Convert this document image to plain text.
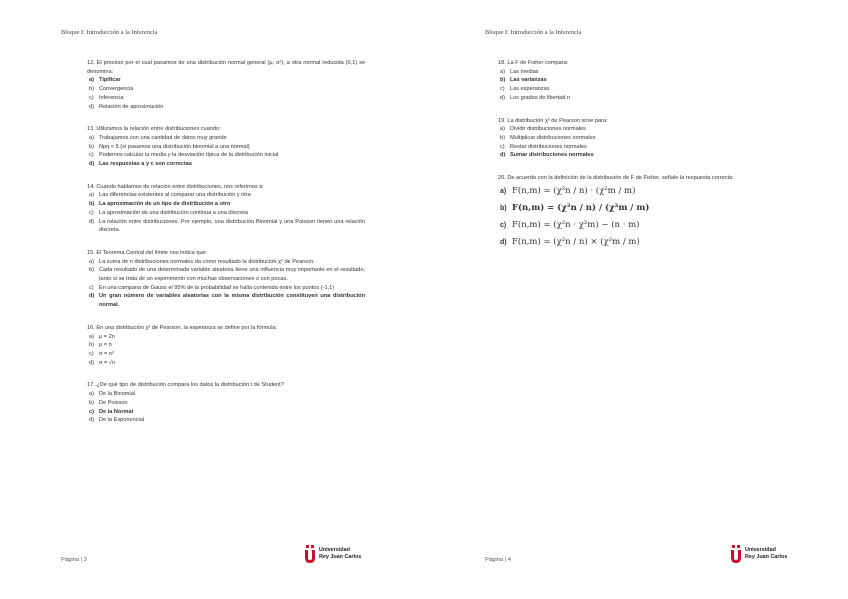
Bloque I: Introducción a la Inferencia
12. El proceso por el cual pasamos de una distribución normal general (μ, σ²), a otra normal reducida (0,1) se denomina:
a) Tipificar
b) Convergencia
c) Inferencia
d) Relación de aproximación
13. Utilizamos la relación entre distribuciones cuando:
a) Trabajamos con una cantidad de datos muy grande
b) Npq < 5 (si pasamos una distribución binomial a una normal)
c) Podemos calcular la media y la desviación típica de la distribución inicial
d) Las respuestas a y c son correctas
14. Cuando hablamos de relación entre distribuciones, nos referimos a:
a) Las diferencias existentes al comparar una distribución y otra
b) La aproximación de un tipo de distribución a otro
c) La aproximación de una distribución continua a una discreta
d) La relación entre distribuciones. Por ejemplo, una distribución Binomial y una Poisson tienen una relación discreta.
15. El Teorema Central del límite nos indica que:
a) La suma de n distribuciones normales da como resultado la distribución χ² de Pearson.
b) Cada resultado de una determinada variable aleatoria tiene una influencia muy importante en el resultado, tanto si se trata de un experimento con muchas observaciones o con pocas.
c) En una campana de Gauss el 95% de la probabilidad se halla contenida entre los puntos (-1,1)
d) Un gran número de variables aleatorias con la misma distribución constituyen una distribución normal.
16. En una distribución χ² de Pearson, la esperanza se define por la fórmula:
a) μ = 2n
b) μ = n
c) σ = n²
d) σ = √n
17. ¿De qué tipo de distribución compara los datos la distribución t de Student?
a) De la Binomial
b) De Poisson
c) De la Normal
d) De la Exponencial
Página | 3
Universidad
Rey Juan Carlos
Bloque I: Introducción a la Inferencia
18. La F de Fisher compara:
a) Las medias
b) Las varianzas
c) Las esperanzas
d) Los grados de libertad n
19. La distribución χ² de Pearson sirve para:
a) Dividir distribuciones normales
b) Multiplicar distribuciones normales
c) Restar distribuciones normales
d) Sumar distribuciones normales
20. De acuerdo con la definición de la distribución de F de Fisher, señale la respuesta correcta:
a) F(n,m) = (χ²n / n) · (χ²m / m)
b) F(n,m) = (χ²n / n) / (χ²m / m)
c) F(n,m) = (χ²n · χ²m) − (n · m)
d) F(n,m) = (χ²n / n) × (χ²m / m)
Página | 4
Universidad
Rey Juan Carlos
